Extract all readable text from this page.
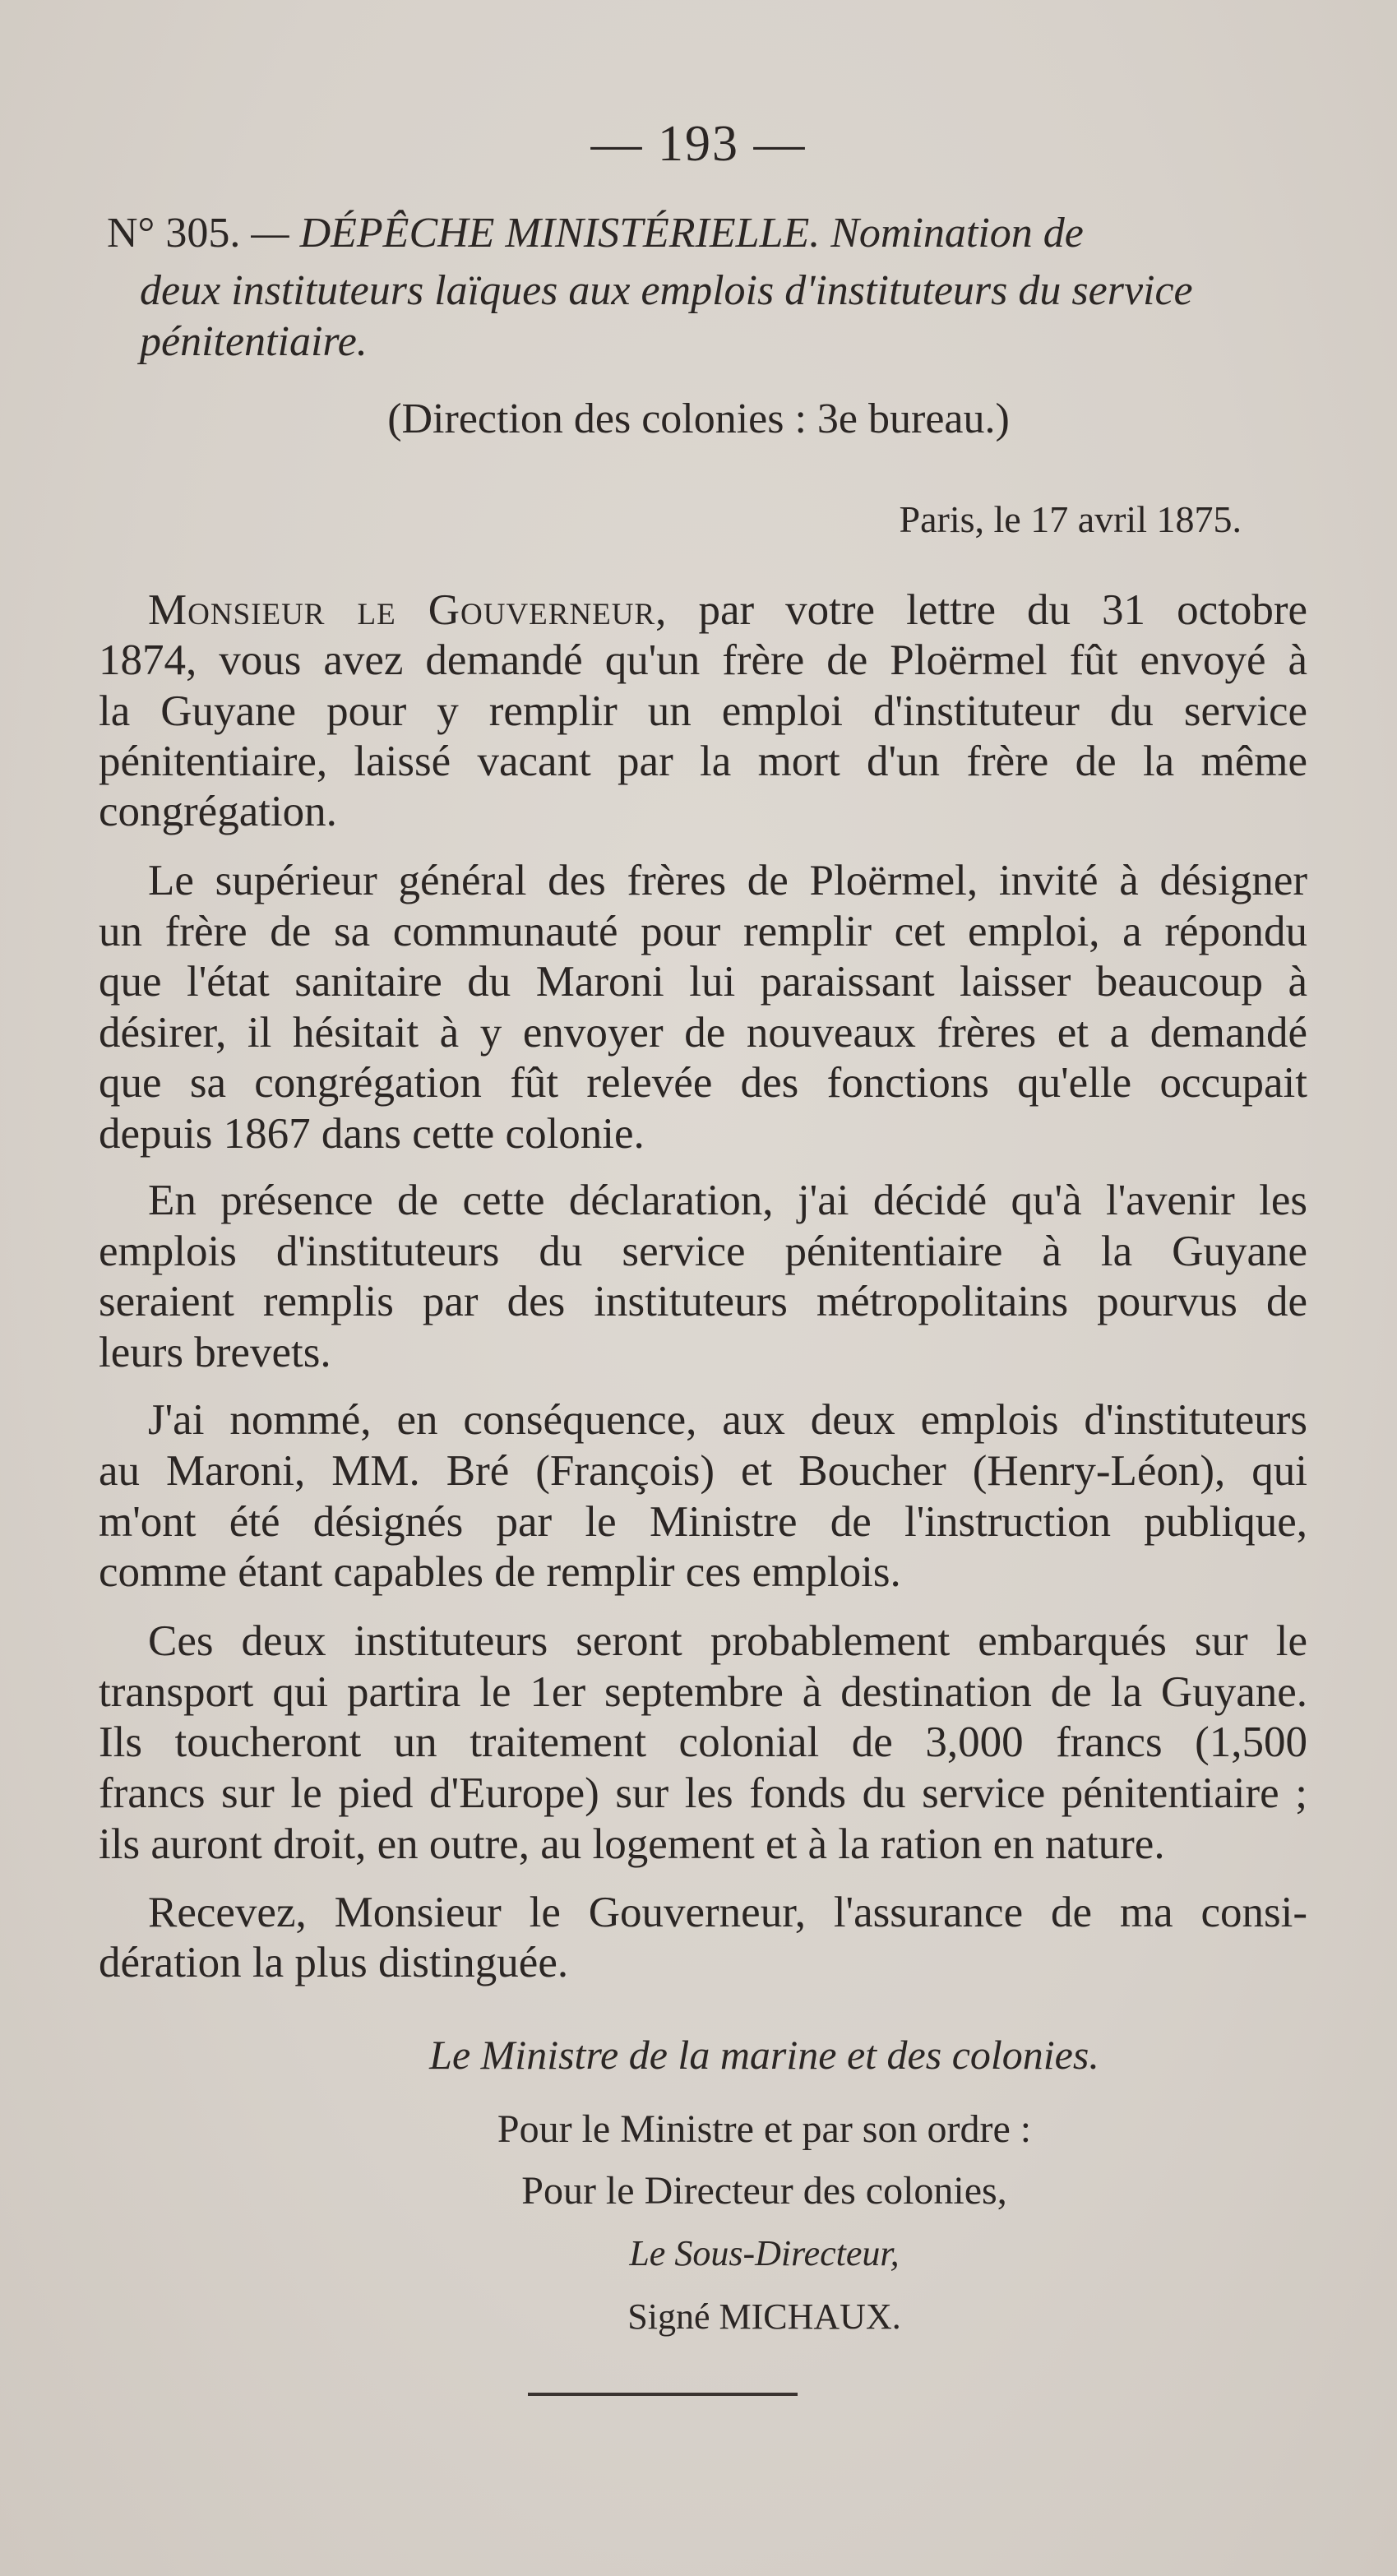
— 193 —
N° 305. — DÉPÊCHE MINISTÉRIELLE. Nomination de
deux instituteurs laïques aux emplois d'instituteurs du service
pénitentiaire.
(Direction des colonies : 3e bureau.)
Paris, le 17 avril 1875.
Monsieur le Gouverneur, par votre lettre du 31 octobre
1874, vous avez demandé qu'un frère de Ploërmel fût envoyé à
la Guyane pour y remplir un emploi d'instituteur du service
pénitentiaire, laissé vacant par la mort d'un frère de la même
congrégation.
Le supérieur général des frères de Ploërmel, invité à désigner
un frère de sa communauté pour remplir cet emploi, a répondu
que l'état sanitaire du Maroni lui paraissant laisser beaucoup à
désirer, il hésitait à y envoyer de nouveaux frères et a demandé
que sa congrégation fût relevée des fonctions qu'elle occupait
depuis 1867 dans cette colonie.
En présence de cette déclaration, j'ai décidé qu'à l'avenir les
emplois d'instituteurs du service pénitentiaire à la Guyane
seraient remplis par des instituteurs métropolitains pourvus de
leurs brevets.
J'ai nommé, en conséquence, aux deux emplois d'instituteurs
au Maroni, MM. Bré (François) et Boucher (Henry-Léon), qui
m'ont été désignés par le Ministre de l'instruction publique,
comme étant capables de remplir ces emplois.
Ces deux instituteurs seront probablement embarqués sur le
transport qui partira le 1er septembre à destination de la Guyane.
Ils toucheront un traitement colonial de 3,000 francs (1,500
francs sur le pied d'Europe) sur les fonds du service pénitentiaire ;
ils auront droit, en outre, au logement et à la ration en nature.
Recevez, Monsieur le Gouverneur, l'assurance de ma consi-
dération la plus distinguée.
Le Ministre de la marine et des colonies.
Pour le Ministre et par son ordre :
Pour le Directeur des colonies,
Le Sous-Directeur,
Signé MICHAUX.
